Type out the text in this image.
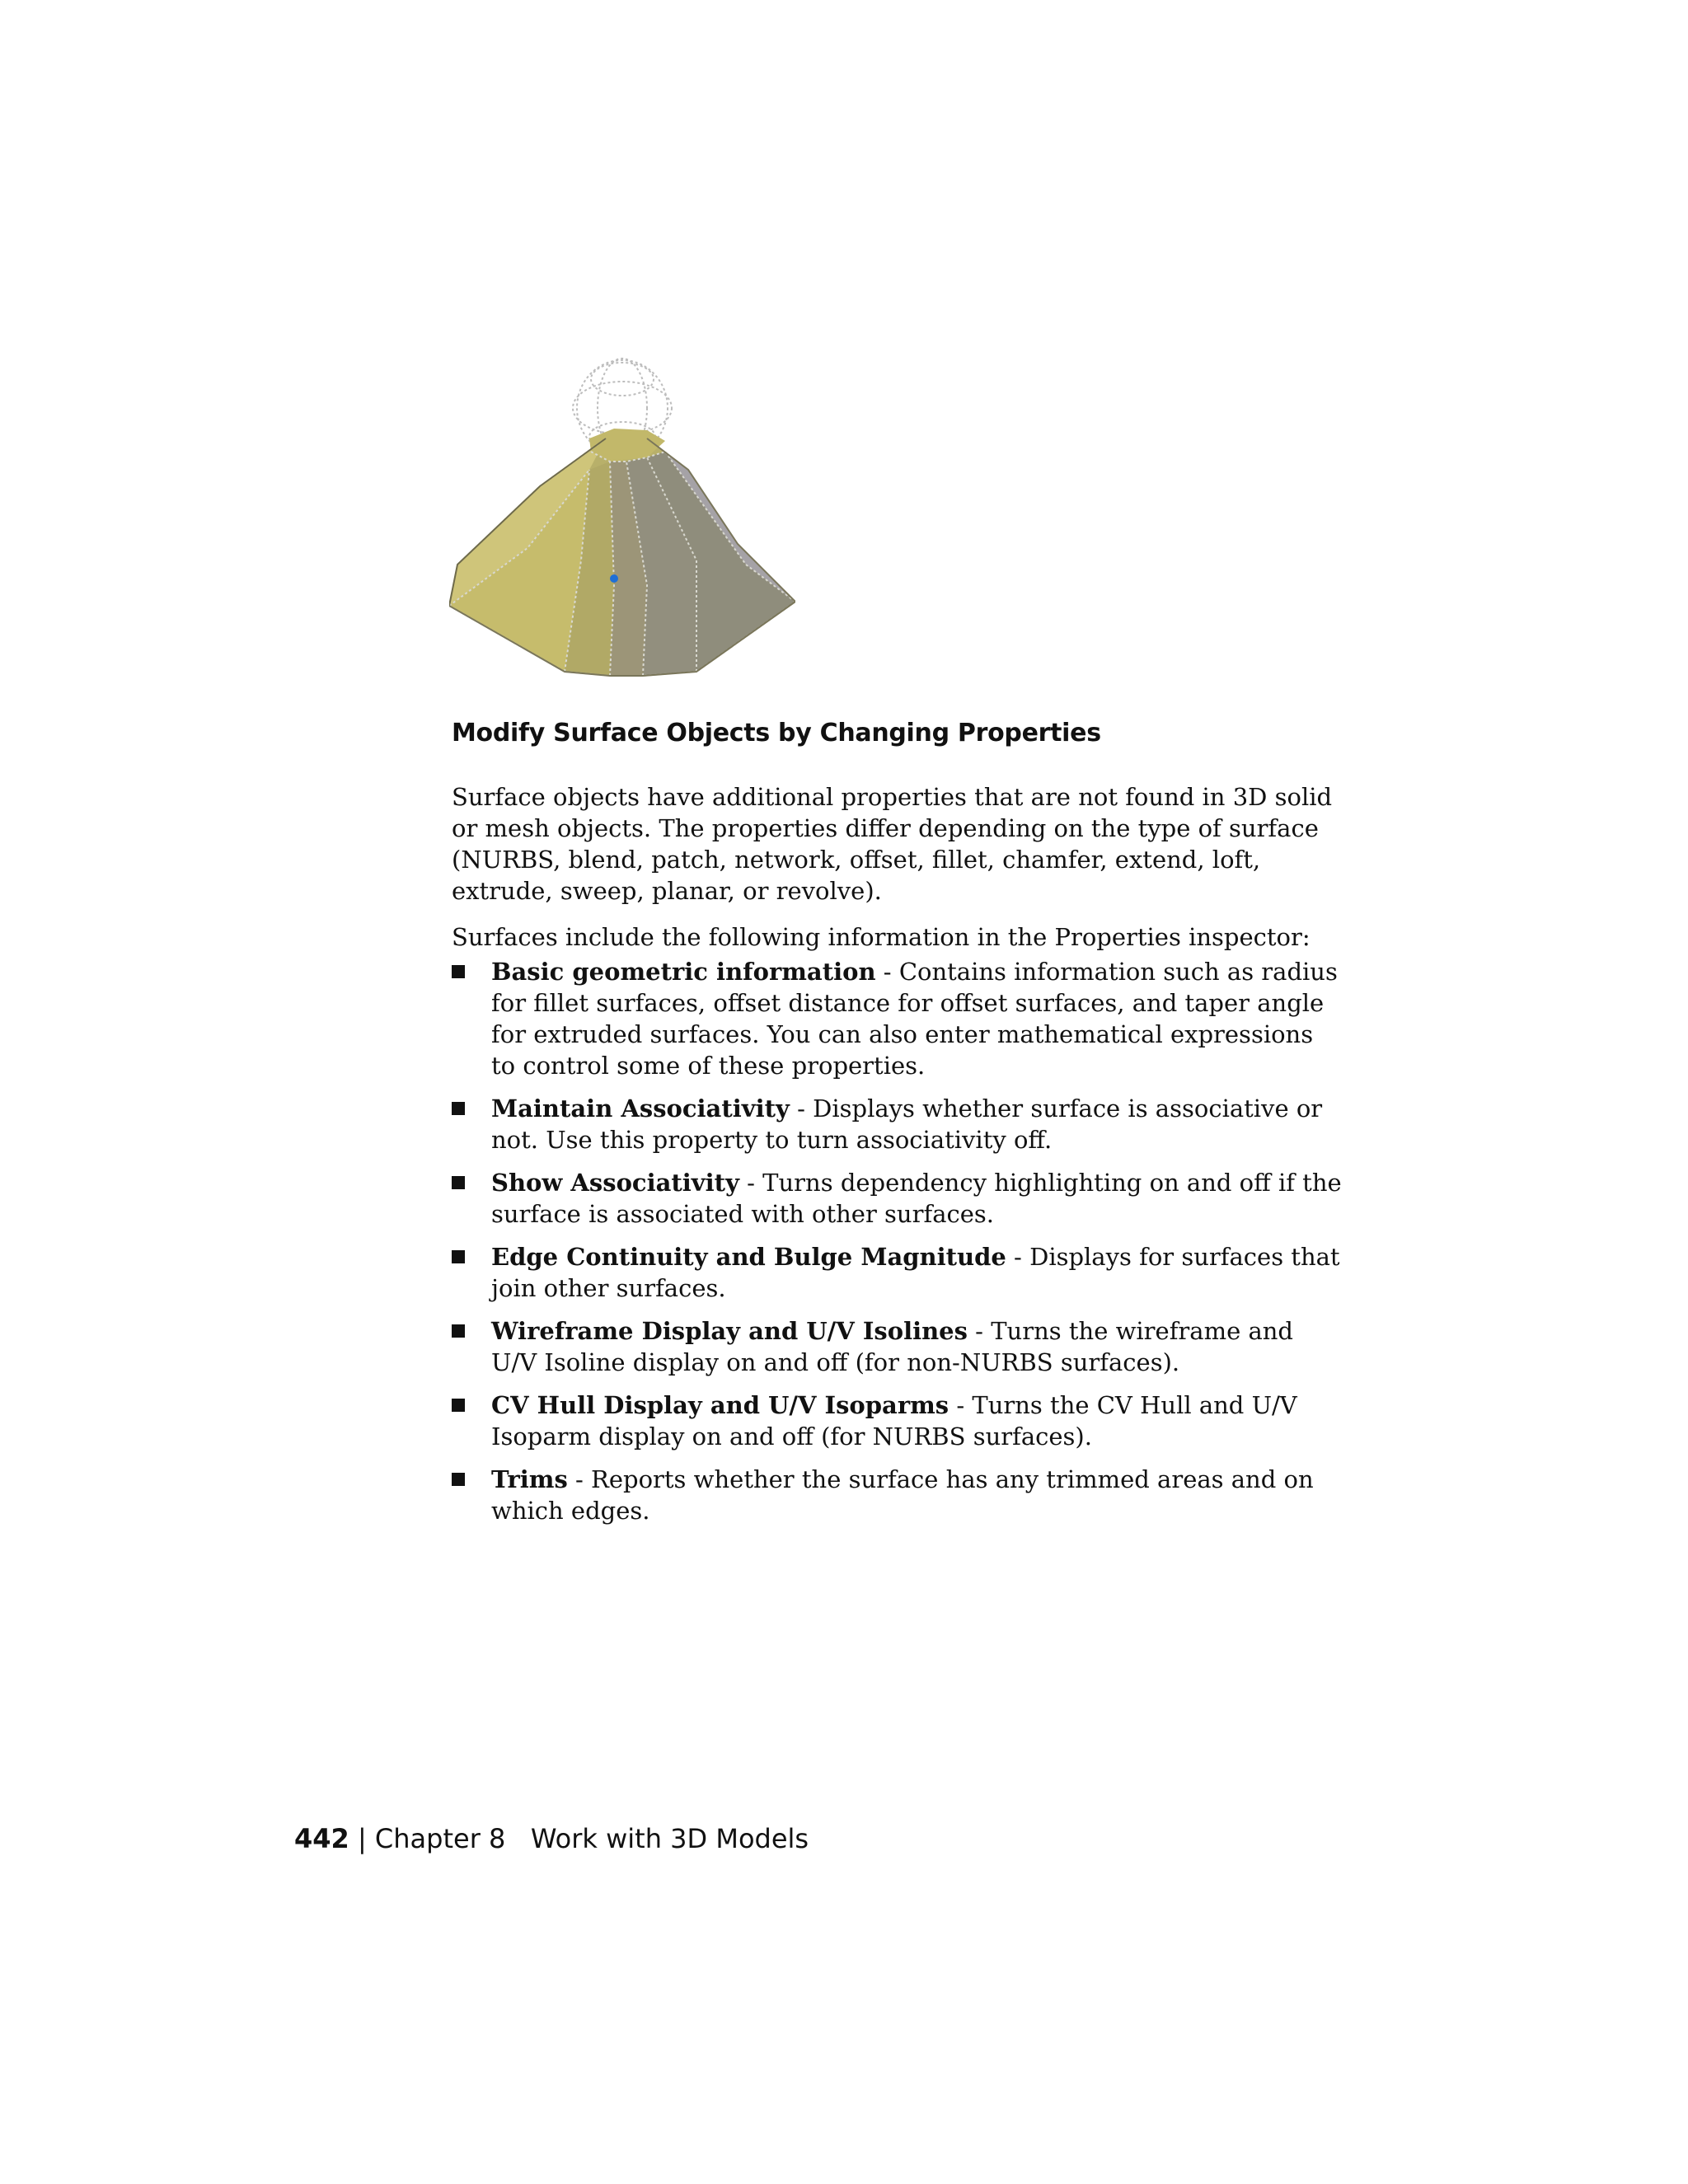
Modify Surface Objects by Changing Properties

Surface objects have additional properties that are not found in 3D solid or mesh objects. The properties differ depending on the type of surface (NURBS, blend, patch, network, offset, fillet, chamfer, extend, loft, extrude, sweep, planar, or revolve).

Surfaces include the following information in the Properties inspector:

Basic geometric information - Contains information such as radius for fillet surfaces, offset distance for offset surfaces, and taper angle for extruded surfaces. You can also enter mathematical expressions to control some of these properties.
Maintain Associativity - Displays whether surface is associative or not. Use this property to turn associativity off.
Show Associativity - Turns dependency highlighting on and off if the surface is associated with other surfaces.
Edge Continuity and Bulge Magnitude - Displays for surfaces that join other surfaces.
Wireframe Display and U/V Isolines - Turns the wireframe and U/V Isoline display on and off (for non-NURBS surfaces).
CV Hull Display and U/V Isoparms - Turns the CV Hull and U/V Isoparm display on and off (for NURBS surfaces).
Trims - Reports whether the surface has any trimmed areas and on which edges.
442 | Chapter 8 Work with 3D Models
